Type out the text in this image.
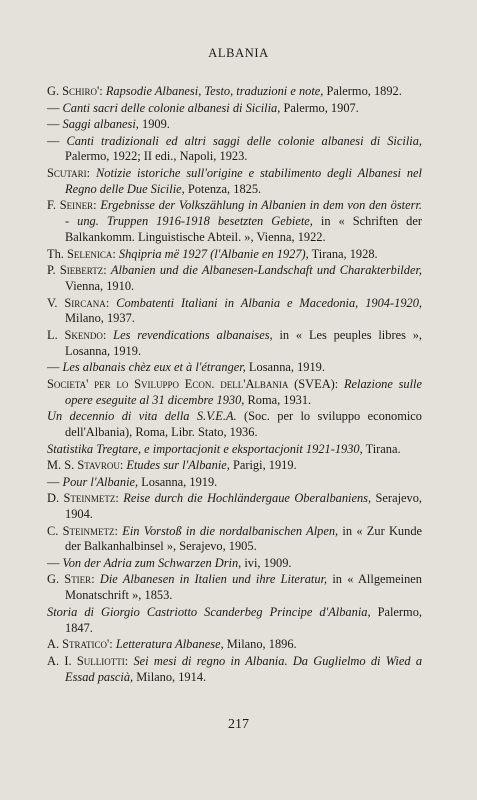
ALBANIA

G. Schiro': Rapsodie Albanesi, Testo, traduzioni e note, Palermo, 1892.

— Canti sacri delle colonie albanesi di Sicilia, Palermo, 1907.

— Saggi albanesi, 1909.

— Canti tradizionali ed altri saggi delle colonie albanesi di Sicilia, Palermo, 1922; II edi., Napoli, 1923.

Scutari: Notizie istoriche sull'origine e stabilimento degli Albanesi nel Regno delle Due Sicilie, Potenza, 1825.

F. Seiner: Ergebnisse der Volkszählung in Albanien in dem von den österr. - ung. Truppen 1916-1918 besetzten Gebiete, in « Schriften der Balkankomm. Linguistische Abteil. », Vienna, 1922.

Th. Selenica: Shqipria më 1927 (l'Albanie en 1927), Tirana, 1928.

P. Siebertz: Albanien und die Albanesen-Landschaft und Charakterbilder, Vienna, 1910.

V. Sircana: Combatenti Italiani in Albania e Macedonia, 1904-1920, Milano, 1937.

L. Skendo: Les revendications albanaises, in « Les peuples libres », Losanna, 1919.

— Les albanais chèz eux et à l'étranger, Losanna, 1919.

Societa' per lo Sviluppo Econ. dell'Albania (SVEA): Relazione sulle opere eseguite al 31 dicembre 1930, Roma, 1931.

Un decennio di vita della S.V.E.A. (Soc. per lo sviluppo economico dell'Albania), Roma, Libr. Stato, 1936.

Statistika Tregtare, e importacjonit e eksportacjonit 1921-1930, Tirana.

M. S. Stavrou: Etudes sur l'Albanie, Parigi, 1919.

— Pour l'Albanie, Losanna, 1919.

D. Steinmetz: Reise durch die Hochländergaue Oberalbaniens, Serajevo, 1904.

C. Steinmetz: Ein Vorstoß in die nordalbanischen Alpen, in « Zur Kunde der Balkanhalbinsel », Serajevo, 1905.

— Von der Adria zum Schwarzen Drin, ivi, 1909.

G. Stier: Die Albanesen in Italien und ihre Literatur, in « Allgemeinen Monatschrift », 1853.

Storia di Giorgio Castriotto Scanderbeg Principe d'Albania, Palermo, 1847.

A. Stratico': Letteratura Albanese, Milano, 1896.

A. I. Sulliotti: Sei mesi di regno in Albania. Da Guglielmo di Wied a Essad pascià, Milano, 1914.

217
